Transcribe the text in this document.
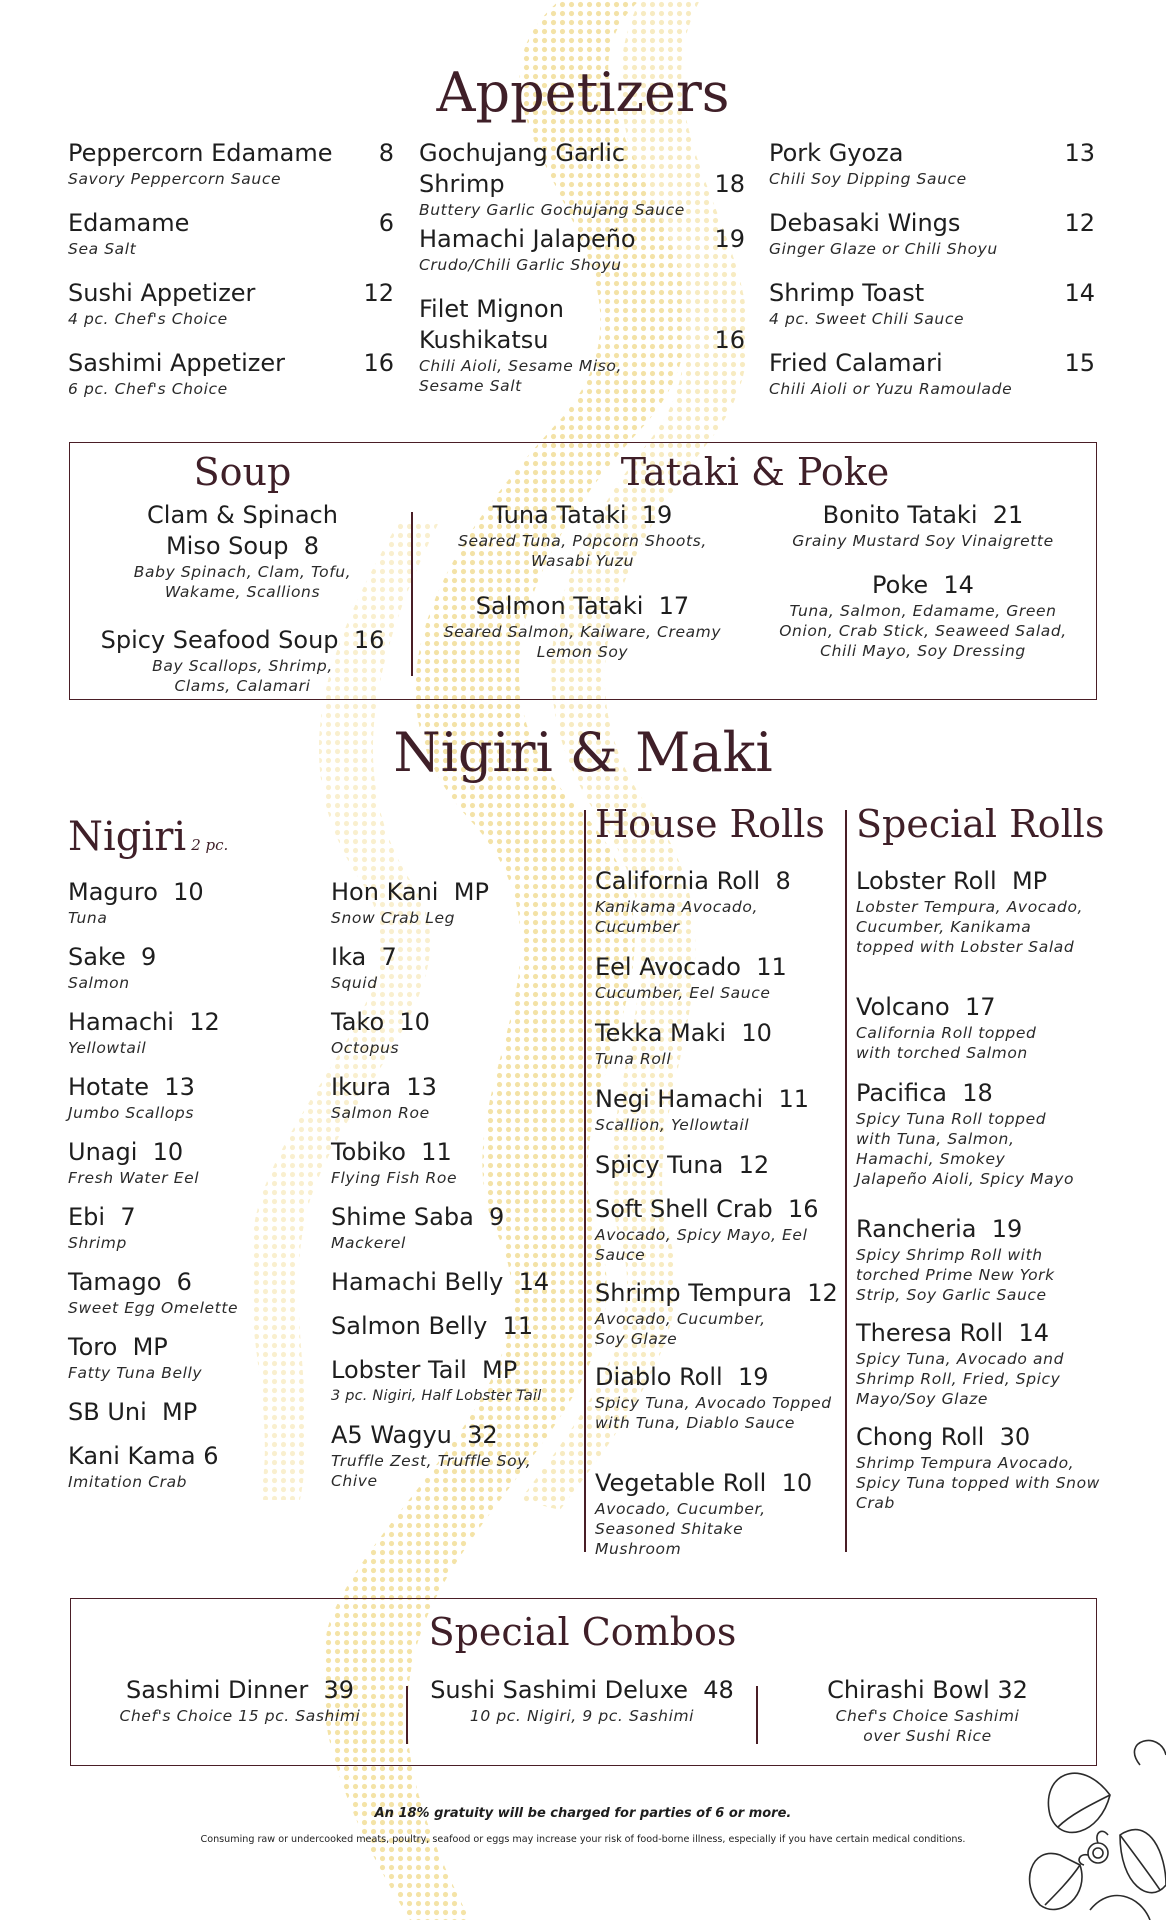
Appetizers
Peppercorn Edamame 8
Savory Peppercorn Sauce
Edamame	6
Sea Salt
Sushi Appetizer	12
4 pc. Chef's Choice
Sashimi Appetizer	16
6 pc. Chef's Choice
Gochujang Garlic Shrimp	18
Buttery Garlic Gochujang Sauce
Hamachi Jalapeño	19
Crudo/Chili Garlic Shoyu
Filet Mignon Kushikatsu	16
Chili Aioli, Sesame Miso, Sesame Salt
Pork Gyoza	13
Chili Soy Dipping Sauce
Debasaki Wings	12
Ginger Glaze or Chili Shoyu
Shrimp Toast	14
4 pc. Sweet Chili Sauce
Fried Calamari	15
Chili Aioli or Yuzu Ramoulade
Soup
Clam & Spinach Miso Soup 8
Baby Spinach, Clam, Tofu, Wakame, Scallions
Spicy Seafood Soup 16
Bay Scallops, Shrimp, Clams, Calamari
Tataki & Poke
Tuna Tataki 19
Seared Tuna, Popcorn Shoots, Wasabi Yuzu
Salmon Tataki 17
Seared Salmon, Kaiware, Creamy Lemon Soy
Bonito Tataki 21
Grainy Mustard Soy Vinaigrette
Poke 14
Tuna, Salmon, Edamame, Green Onion, Crab Stick, Seaweed Salad, Chili Mayo, Soy Dressing
Nigiri & Maki
Nigiri 2 pc.
Maguro 10
Tuna
Sake 9
Salmon
Hamachi 12
Yellowtail
Hotate 13
Jumbo Scallops
Unagi 10
Fresh Water Eel
Ebi 7
Shrimp
Tamago 6
Sweet Egg Omelette
Toro MP
Fatty Tuna Belly
SB Uni MP
Kani Kama 6
Imitation Crab
Hon Kani MP
Snow Crab Leg
Ika 7
Squid
Tako 10
Octopus
Ikura 13
Salmon Roe
Tobiko 11
Flying Fish Roe
Shime Saba 9
Mackerel
Hamachi Belly 14
Salmon Belly 11
Lobster Tail MP
3 pc. Nigiri, Half Lobster Tail
A5 Wagyu 32
Truffle Zest, Truffle Soy, Chive
House Rolls
California Roll 8
Kanikama Avocado, Cucumber
Eel Avocado 11
Cucumber, Eel Sauce
Tekka Maki 10
Tuna Roll
Negi Hamachi 11
Scallion, Yellowtail
Spicy Tuna 12
Soft Shell Crab 16
Avocado, Spicy Mayo, Eel Sauce
Shrimp Tempura 12
Avocado, Cucumber, Soy Glaze
Diablo Roll 19
Spicy Tuna, Avocado Topped with Tuna, Diablo Sauce
Vegetable Roll 10
Avocado, Cucumber, Seasoned Shitake Mushroom
Special Rolls
Lobster Roll MP
Lobster Tempura, Avocado, Cucumber, Kanikama topped with Lobster Salad
Volcano 17
California Roll topped with torched Salmon
Pacifica 18
Spicy Tuna Roll topped with Tuna, Salmon, Hamachi, Smokey Jalapeño Aioli, Spicy Mayo
Rancheria 19
Spicy Shrimp Roll with torched Prime New York Strip, Soy Garlic Sauce
Theresa Roll 14
Spicy Tuna, Avocado and Shrimp Roll, Fried, Spicy Mayo/Soy Glaze
Chong Roll 30
Shrimp Tempura Avocado, Spicy Tuna topped with Snow Crab
Special Combos
Sashimi Dinner 39
Chef's Choice 15 pc. Sashimi
Sushi Sashimi Deluxe 48
10 pc. Nigiri, 9 pc. Sashimi
Chirashi Bowl 32
Chef's Choice Sashimi over Sushi Rice
An 18% gratuity will be charged for parties of 6 or more.
Consuming raw or undercooked meats, poultry, seafood or eggs may increase your risk of food-borne illness, especially if you have certain medical conditions.
